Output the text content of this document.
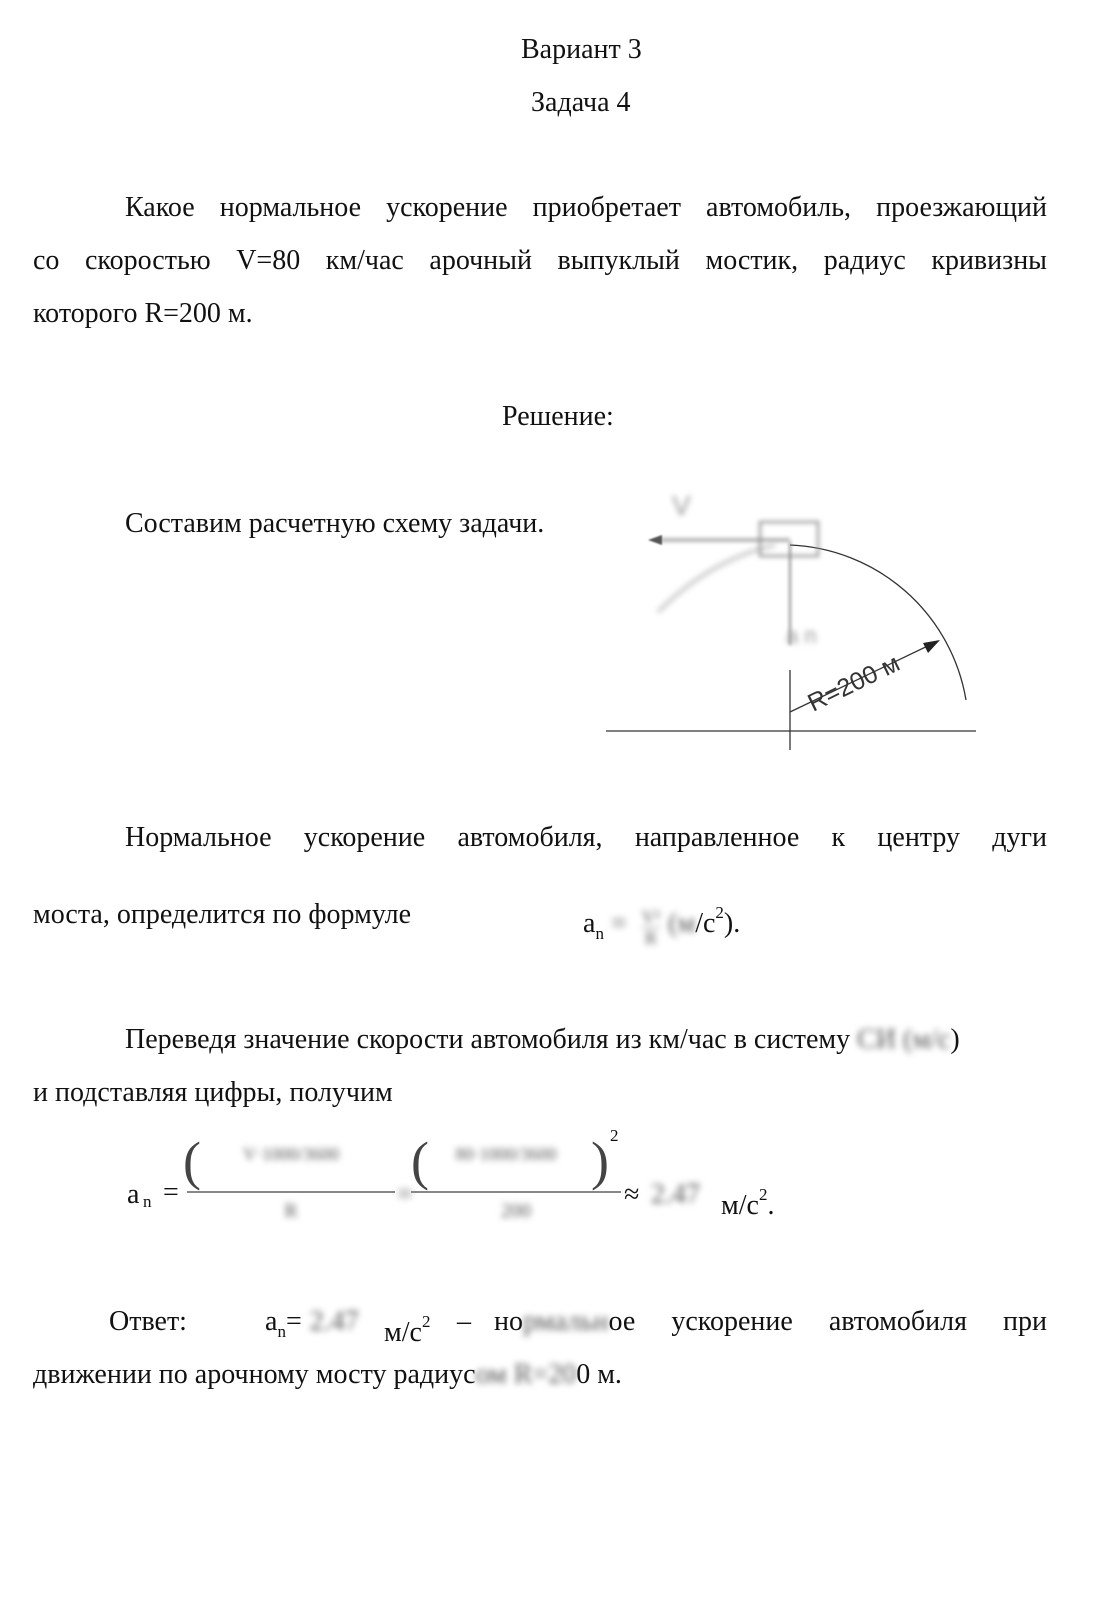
Вариант 3
Задача 4
Какое нормальное ускорение приобретает автомобиль, проезжающий
со скоростью V=80 км/час арочный выпуклый мостик, радиус кривизны
которого R=200 м.
Решение:
Составим расчетную схему задачи.
V
a n
R=200 м
Нормальное ускорение автомобиля, направленное к центру дуги
моста, определится по формуле	$a_n = \frac{\text{V²}}{R} (м/с^2)$.
Переведя значение скорости автомобиля из км/час в систему СИ (м/с)
и подставляя цифры, получим
a n =
(	V·1000/3600
R
=
(	80·1000/3600 ) 2
200
≈ 2.47 $м/с^2$.
Ответ:	$a_n= 2.47$ $м/с^2$ – нормальное ускорение автомобиля при
движении по арочному мосту радиусом R=200 м.
